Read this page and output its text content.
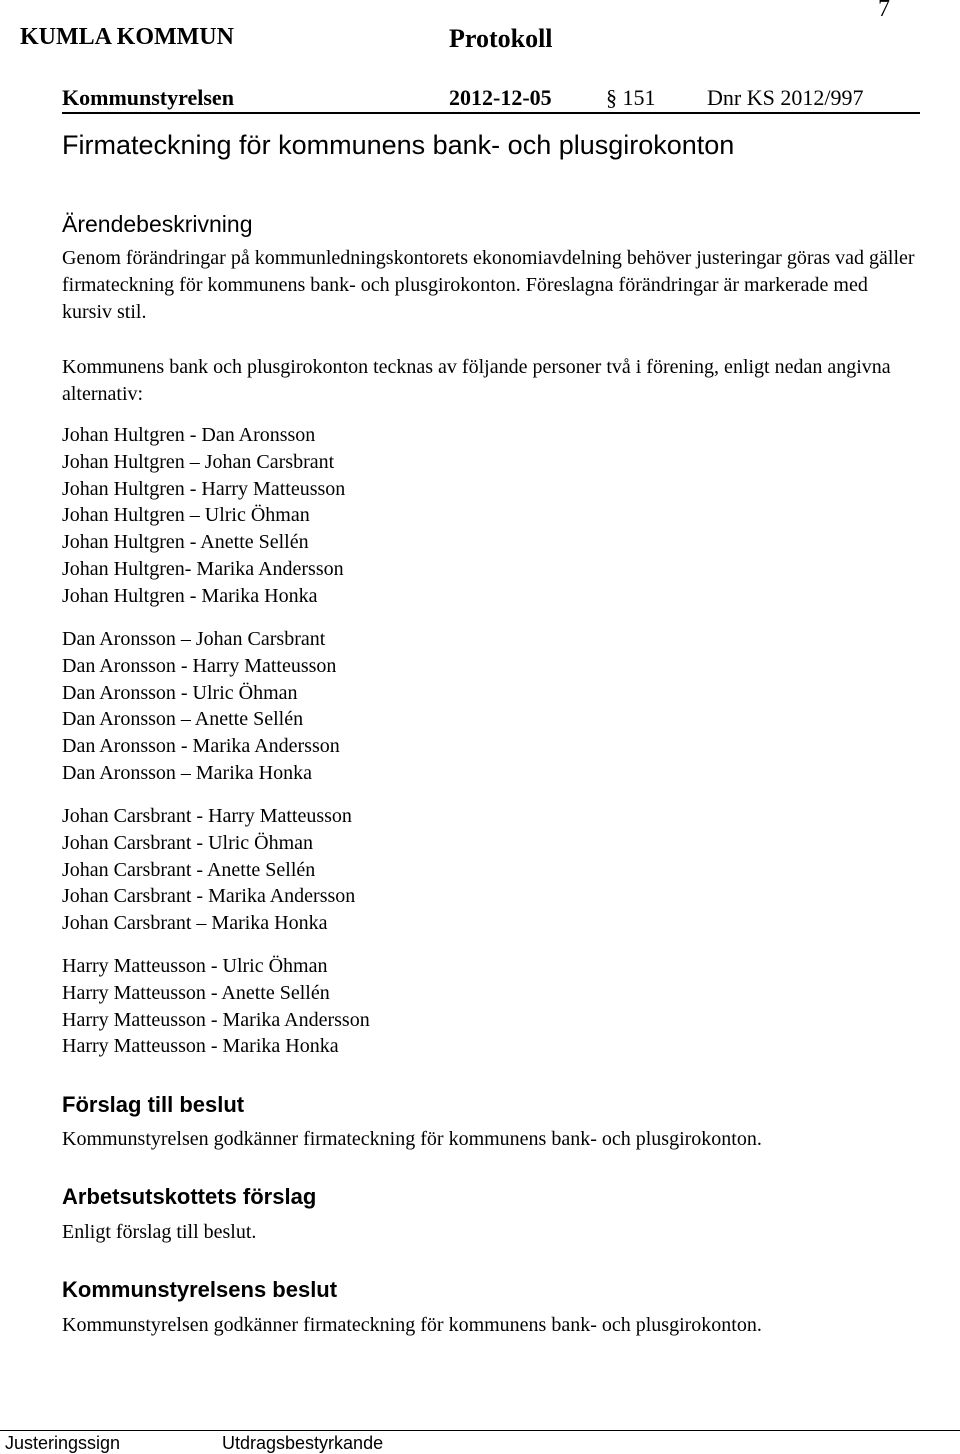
KUMLA KOMMUN	Protokoll
7
Kommunstyrelsen	2012-12-05 § 151 Dnr KS 2012/997
Firmateckning för kommunens bank- och plusgirokonton
Ärendebeskrivning
Genom förändringar på kommunledningskontorets ekonomiavdelning behöver justeringar göras vad gäller firmateckning för kommunens bank- och plusgirokonton. Föreslagna förändringar är markerade med kursiv stil.
Kommunens bank och plusgirokonton tecknas av följande personer två i förening, enligt nedan angivna alternativ:
Johan Hultgren - Dan Aronsson
Johan Hultgren – Johan Carsbrant
Johan Hultgren - Harry Matteusson
Johan Hultgren – Ulric Öhman
Johan Hultgren - Anette Sellén
Johan Hultgren- Marika Andersson
Johan Hultgren - Marika Honka
Dan Aronsson – Johan Carsbrant
Dan Aronsson - Harry Matteusson
Dan Aronsson - Ulric Öhman
Dan Aronsson – Anette Sellén
Dan Aronsson - Marika Andersson
Dan Aronsson – Marika Honka
Johan Carsbrant - Harry Matteusson
Johan Carsbrant - Ulric Öhman
Johan Carsbrant - Anette Sellén
Johan Carsbrant - Marika Andersson
Johan Carsbrant – Marika Honka
Harry Matteusson - Ulric Öhman
Harry Matteusson - Anette Sellén
Harry Matteusson - Marika Andersson
Harry Matteusson - Marika Honka
Förslag till beslut
Kommunstyrelsen godkänner firmateckning för kommunens bank- och plusgirokonton.
Arbetsutskottets förslag
Enligt förslag till beslut.
Kommunstyrelsens beslut
Kommunstyrelsen godkänner firmateckning för kommunens bank- och plusgirokonton.
Justeringssign	Utdragsbestyrkande
